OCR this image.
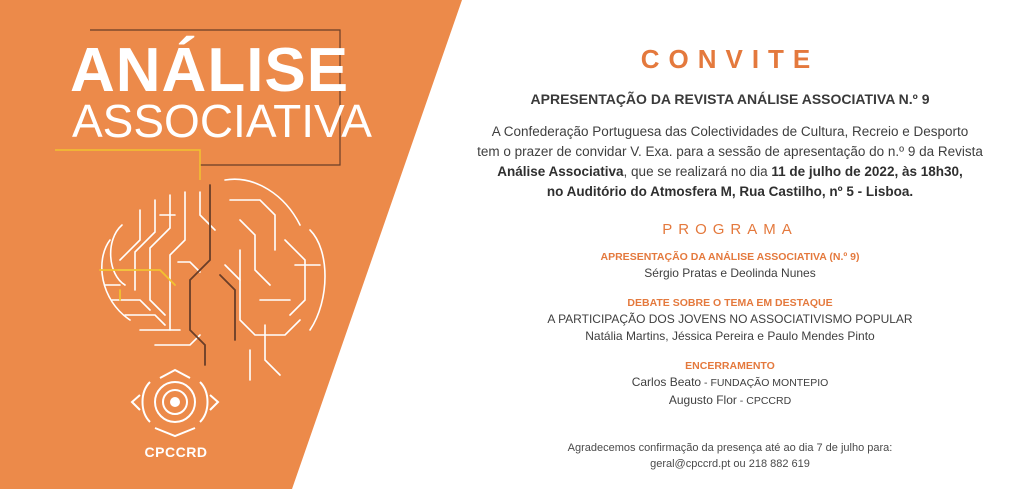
ANÁLISE
ASSOCIATIVA
CPCCRD
CONVITE
APRESENTAÇÃO DA REVISTA ANÁLISE ASSOCIATIVA N.º 9
A Confederação Portuguesa das Colectividades de Cultura, Recreio e Desporto
tem o prazer de convidar V. Exa. para a sessão de apresentação do n.º 9 da Revista
Análise Associativa, que se realizará no dia 11 de julho de 2022, às 18h30,
no Auditório do Atmosfera M, Rua Castilho, nº 5 - Lisboa.
PROGRAMA
APRESENTAÇÃO DA ANÁLISE ASSOCIATIVA (N.º 9)
Sérgio Pratas e Deolinda Nunes
DEBATE SOBRE O TEMA EM DESTAQUE
A PARTICIPAÇÃO DOS JOVENS NO ASSOCIATIVISMO POPULAR
Natália Martins, Jéssica Pereira e Paulo Mendes Pinto
ENCERRAMENTO
Carlos Beato - FUNDAÇÃO MONTEPIO
Augusto Flor - CPCCRD
Agradecemos confirmação da presença até ao dia 7 de julho para:
geral@cpccrd.pt ou 218 882 619
